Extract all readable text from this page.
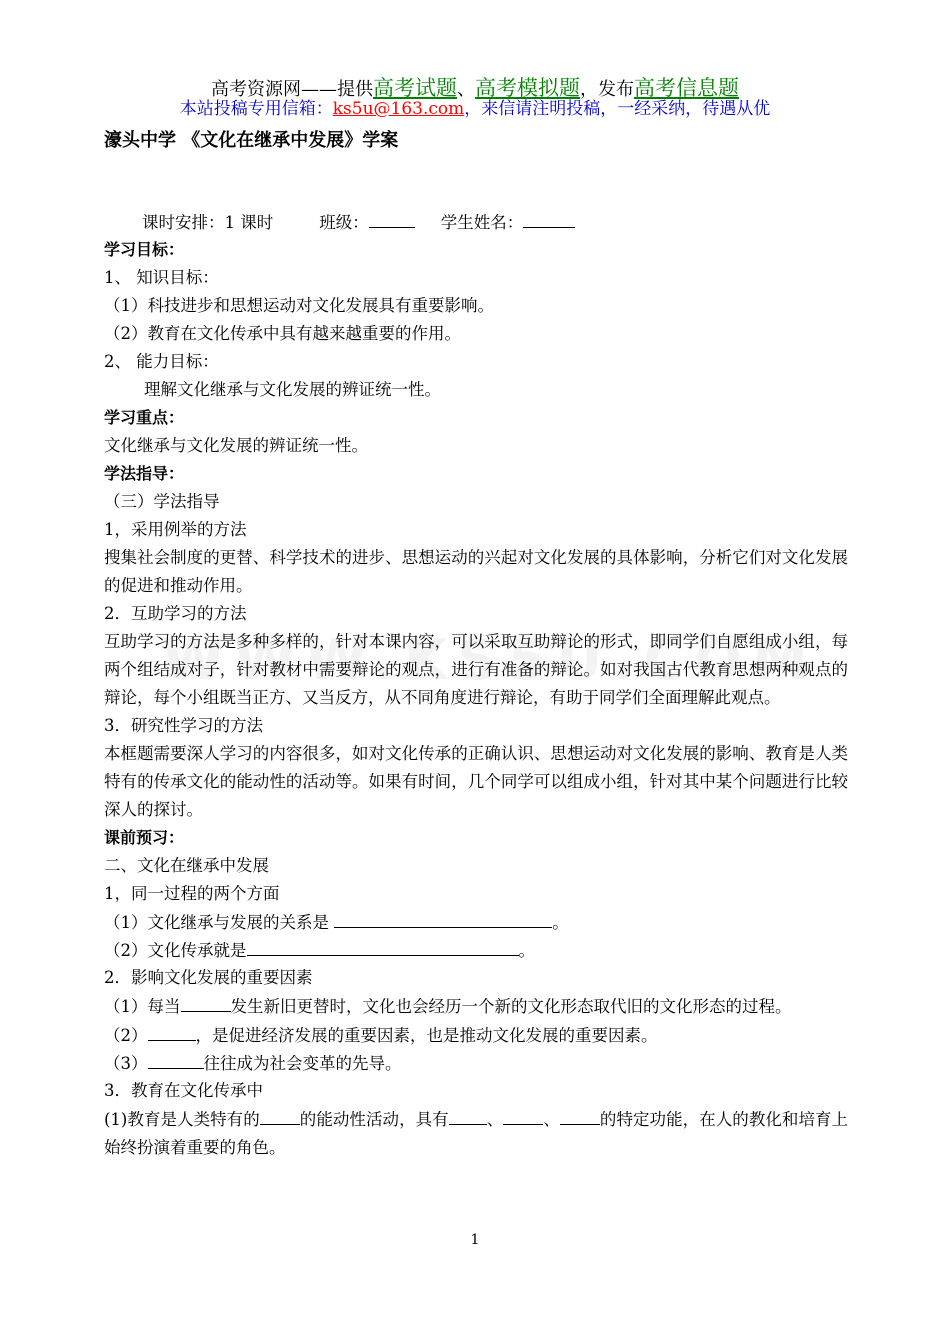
高考资源网——提供高考试题、高考模拟题，发布高考信息题
本站投稿专用信箱：ks5u@163.com，来信请注明投稿，一经采纳，待遇从优
濠头中学 《文化在继承中发展》学案
课时安排：1 课时	班级：	学生姓名：
学习目标：
1、 知识目标：
（1）科技进步和思想运动对文化发展具有重要影响。
（2）教育在文化传承中具有越来越重要的作用。
2、 能力目标：
理解文化继承与文化发展的辨证统一性。
学习重点：
文化继承与文化发展的辨证统一性。
学法指导：
（三）学法指导
1，采用例举的方法
搜集社会制度的更替、科学技术的进步、思想运动的兴起对文化发展的具体影响，分析它们对文化发展的促进和推动作用。
2．互助学习的方法
互助学习的方法是多种多样的，针对本课内容，可以采取互助辩论的形式，即同学们自愿组成小组，每两个组结成对子，针对教材中需要辩论的观点，进行有准备的辩论。如对我国古代教育思想两种观点的辩论，每个小组既当正方、又当反方，从不同角度进行辩论，有助于同学们全面理解此观点。
3．研究性学习的方法
本框题需要深人学习的内容很多，如对文化传承的正确认识、思想运动对文化发展的影响、教育是人类特有的传承文化的能动性的活动等。如果有时间，几个同学可以组成小组，针对其中某个问题进行比较深人的探讨。
课前预习：
二、文化在继承中发展
1，同一过程的两个方面
（1）文化继承与发展的关系是	。
（2）文化传承就是	。
2．影响文化发展的重要因素
（1）每当	发生新旧更替时，文化也会经历一个新的文化形态取代旧的文化形态的过程。
（2）	，是促进经济发展的重要因素，也是推动文化发展的重要因素。
（3）	往往成为社会变革的先导。
3．教育在文化传承中
(1)教育是人类特有的 的能动性活动，具有 、 、 的特定功能，在人的教化和培育上始终扮演着重要的角色。
1
